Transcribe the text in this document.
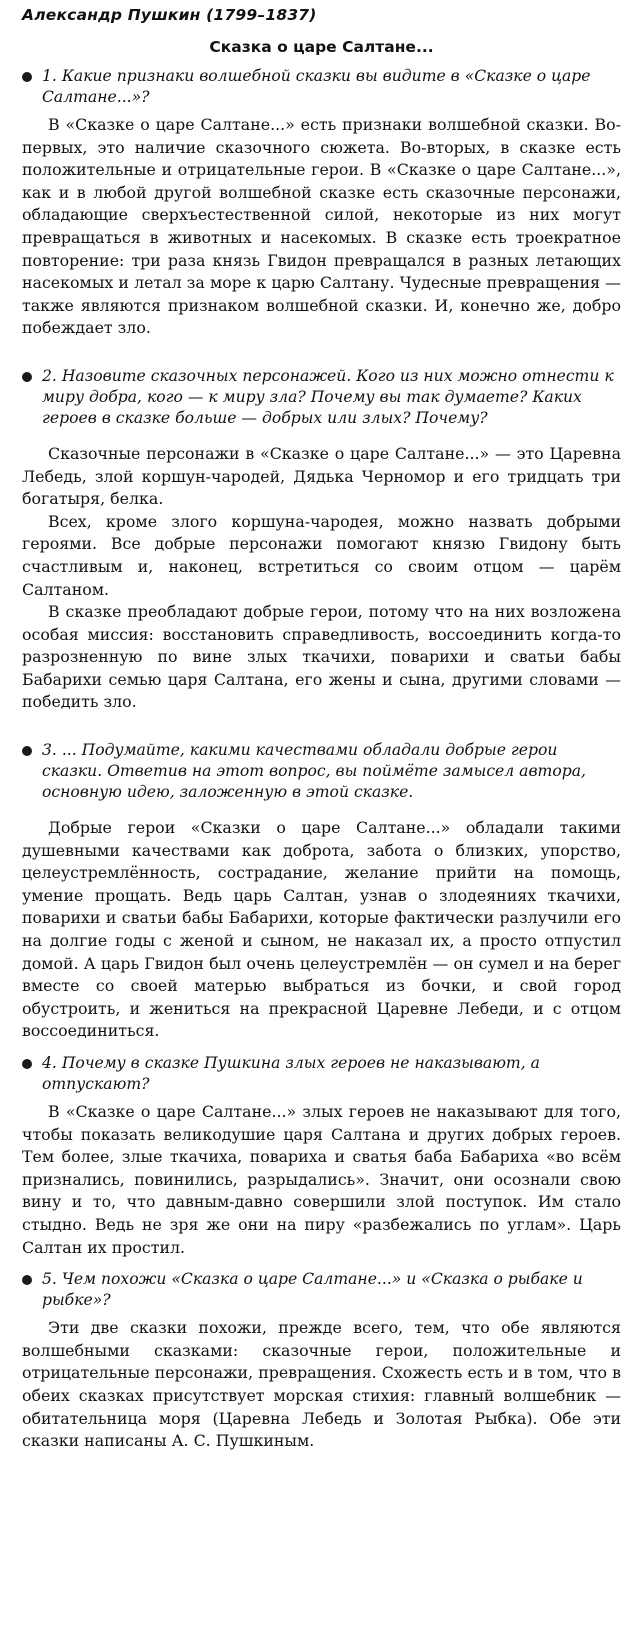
Александр Пушкин (1799–1837)
Сказка о царе Салтане...
1. Какие признаки волшебной сказки вы видите в «Сказке о царе Салтане...»?

В «Сказке о царе Салтане...» есть признаки волшебной сказки. Во-первых, это наличие сказочного сюжета. Во-вторых, в сказке есть положительные и отрицательные герои. В «Сказке о царе Салтане...», как и в любой другой волшебной сказке есть сказочные персонажи, обладающие сверхъестественной силой, некоторые из них могут превращаться в животных и насекомых. В сказке есть троекратное повторение: три раза князь Гвидон превращался в разных летающих насекомых и летал за море к царю Салтану. Чудесные превращения — также являются признаком волшебной сказки. И, конечно же, добро побеждает зло.

2. Назовите сказочных персонажей. Кого из них можно отнести к миру добра, кого — к миру зла? Почему вы так думаете? Каких героев в сказке больше — добрых или злых? Почему?

Сказочные персонажи в «Сказке о царе Салтане...» — это Царевна Лебедь, злой коршун-чародей, Дядька Черномор и его тридцать три богатыря, белка.

Всех, кроме злого коршуна-чародея, можно назвать добрыми героями. Все добрые персонажи помогают князю Гвидону быть счастливым и, наконец, встретиться со своим отцом — царём Салтаном.

В сказке преобладают добрые герои, потому что на них возложена особая миссия: восстановить справедливость, воссоединить когда-то разрозненную по вине злых ткачихи, поварихи и сватьи бабы Бабарихи семью царя Салтана, его жены и сына, другими словами — победить зло.

3. ... Подумайте, какими качествами обладали добрые герои сказки. Ответив на этот вопрос, вы поймёте замысел автора, основную идею, заложенную в этой сказке.

Добрые герои «Сказки о царе Салтане...» обладали такими душевными качествами как доброта, забота о близких, упорство, целеустремлённость, сострадание, желание прийти на помощь, умение прощать. Ведь царь Салтан, узнав о злодеяниях ткачихи, поварихи и сватьи бабы Бабарихи, которые фактически разлучили его на долгие годы с женой и сыном, не наказал их, а просто отпустил домой. А царь Гвидон был очень целеустремлён — он сумел и на берег вместе со своей матерью выбраться из бочки, и свой город обустроить, и жениться на прекрасной Царевне Лебеди, и с отцом воссоединиться.

4. Почему в сказке Пушкина злых героев не наказывают, а отпускают?

В «Сказке о царе Салтане...» злых героев не наказывают для того, чтобы показать великодушие царя Салтана и других добрых героев. Тем более, злые ткачиха, повариха и сватья баба Бабариха «во всём признались, повинились, разрыдались». Значит, они осознали свою вину и то, что давным-давно совершили злой поступок. Им стало стыдно. Ведь не зря же они на пиру «разбежались по углам». Царь Салтан их простил.

5. Чем похожи «Сказка о царе Салтане...» и «Сказка о рыбаке и рыбке»?

Эти две сказки похожи, прежде всего, тем, что обе являются волшебными сказками: сказочные герои, положительные и отрицательные персонажи, превращения. Схожесть есть и в том, что в обеих сказках присутствует морская стихия: главный волшебник — обитательница моря (Царевна Лебедь и Золотая Рыбка). Обе эти сказки написаны А. С. Пушкиным.
